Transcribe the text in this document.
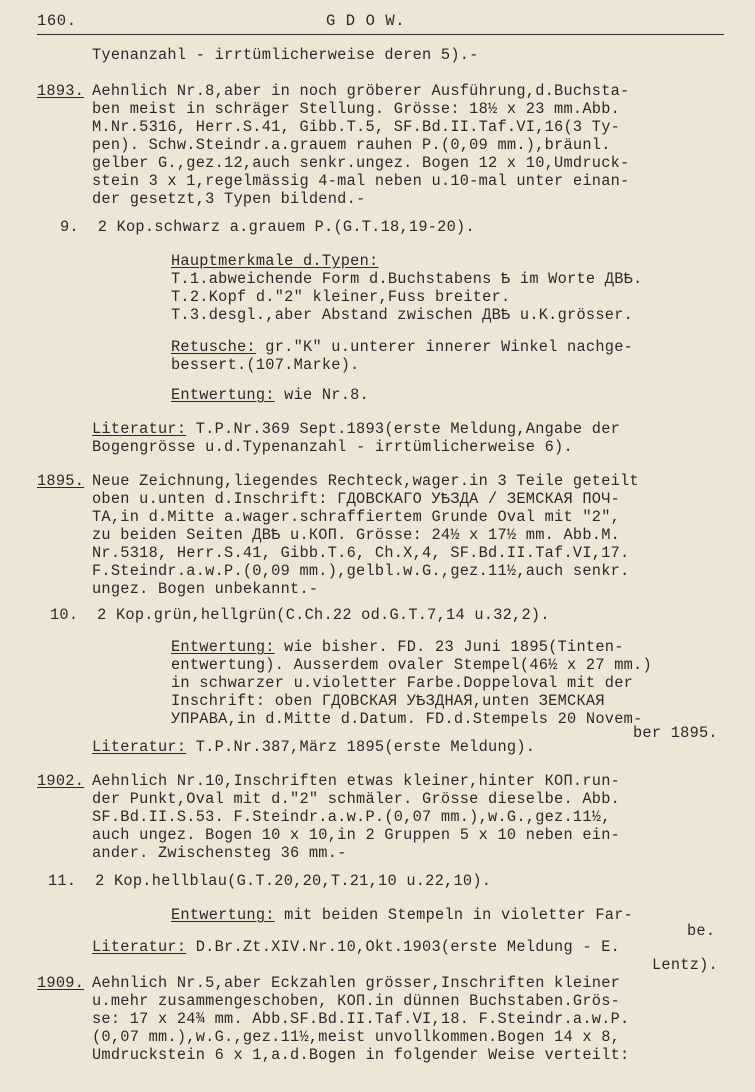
160.	G D O W.
Tyenanzahl - irrtümlicherweise deren 5).-
1893. Aehnlich Nr.8,aber in noch gröberer Ausführung,d.Buchsta-
ben meist in schräger Stellung. Grösse: 18½ x 23 mm.Abb.
M.Nr.5316, Herr.S.41, Gibb.T.5, SF.Bd.II.Taf.VI,16(3 Ty-
pen). Schw.Steindr.a.grauem rauhen P.(0,09 mm.),bräunl.
gelber G.,gez.12,auch senkr.ungez. Bogen 12 x 10,Umdruck-
stein 3 x 1,regelmässig 4-mal neben u.10-mal unter einan-
der gesetzt,3 Typen bildend.-
9.  2 Kop.schwarz a.grauem P.(G.T.18,19-20).
Hauptmerkmale d.Typen:
T.1.abweichende Form d.Buchstabens Ѣ im Worte ДВѢ.
T.2.Kopf d."2" kleiner,Fuss breiter.
T.3.desgl.,aber Abstand zwischen ДВѢ u.K.grösser.
Retusche: gr."K" u.unterer innerer Winkel nachge-
bessert.(107.Marke).
Entwertung: wie Nr.8.
Literatur: T.P.Nr.369 Sept.1893(erste Meldung,Angabe der
Bogengrösse u.d.Typenanzahl - irrtümlicherweise 6).
1895. Neue Zeichnung,liegendes Rechteck,wager.in 3 Teile geteilt
oben u.unten d.Inschrift: ГДОВСКАГО УѢЗДА / ЗЕМСКАЯ ПОЧ-
ТА,in d.Mitte a.wager.schraffiertem Grunde Oval mit "2",
zu beiden Seiten ДВѢ u.КОП. Grösse: 24½ x 17½ mm. Abb.M.
Nr.5318, Herr.S.41, Gibb.T.6, Ch.X,4, SF.Bd.II.Taf.VI,17.
F.Steindr.a.w.P.(0,09 mm.),gelbl.w.G.,gez.11½,auch senkr.
ungez. Bogen unbekannt.-
10.  2 Kop.grün,hellgrün(C.Ch.22 od.G.T.7,14 u.32,2).
Entwertung: wie bisher. FD. 23 Juni 1895(Tinten-
entwertung). Ausserdem ovaler Stempel(46½ x 27 mm.)
in schwarzer u.violetter Farbe.Doppeloval mit der
Inschrift: oben ГДОВСКАЯ УѢЗДНАЯ,unten ЗЕМСКАЯ
УПРАВА,in d.Mitte d.Datum. FD.d.Stempels 20 Novem-
ber 1895.
Literatur: T.P.Nr.387,März 1895(erste Meldung).
1902. Aehnlich Nr.10,Inschriften etwas kleiner,hinter КОП.run-
der Punkt,Oval mit d."2" schmäler. Grösse dieselbe. Abb.
SF.Bd.II.S.53. F.Steindr.a.w.P.(0,07 mm.),w.G.,gez.11½,
auch ungez. Bogen 10 x 10,in 2 Gruppen 5 x 10 neben ein-
ander. Zwischensteg 36 mm.-
11.  2 Kop.hellblau(G.T.20,20,T.21,10 u.22,10).
Entwertung: mit beiden Stempeln in violetter Far-
be.
Literatur: D.Br.Zt.XIV.Nr.10,Okt.1903(erste Meldung - E.
Lentz).
1909. Aehnlich Nr.5,aber Eckzahlen grösser,Inschriften kleiner
u.mehr zusammengeschoben, КОП.in dünnen Buchstaben.Grös-
se: 17 x 24¾ mm. Abb.SF.Bd.II.Taf.VI,18. F.Steindr.a.w.P.
(0,07 mm.),w.G.,gez.11½,meist unvollkommen.Bogen 14 x 8,
Umdruckstein 6 x 1,a.d.Bogen in folgender Weise verteilt:
